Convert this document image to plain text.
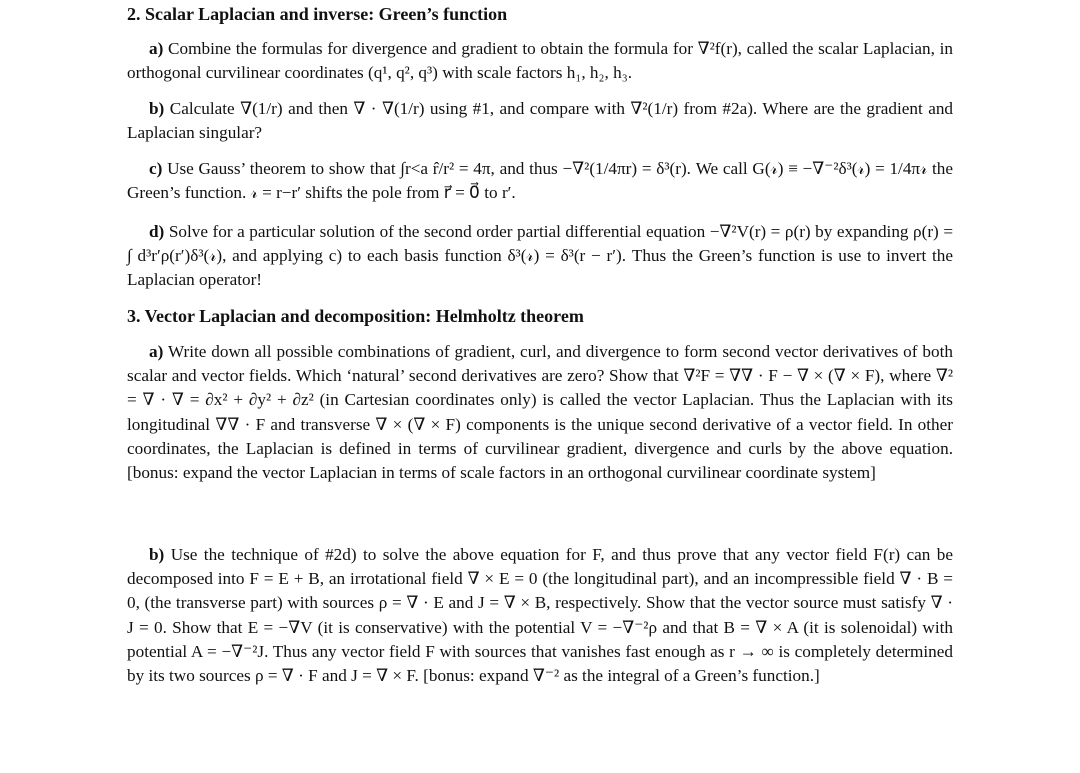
2. Scalar Laplacian and inverse: Green’s function

a) Combine the formulas for divergence and gradient to obtain the formula for ∇²f(r), called the scalar Laplacian, in orthogonal curvilinear coordinates (q¹, q², q³) with scale factors h₁, h₂, h₃.

b) Calculate ∇(1/r) and then ∇ · ∇(1/r) using #1, and compare with ∇²(1/r) from #2a). Where are the gradient and Laplacian singular?

c) Use Gauss’ theorem to show that ∫r<a r̂/r² = 4π, and thus −∇²(1/4πr) = δ³(r). We call G(𝓇) ≡ −∇⁻²δ³(𝓇) = 1/4π𝓇 the Green’s function. 𝓇 = r−r′ shifts the pole from r⃗ = 0⃗ to r′.

d) Solve for a particular solution of the second order partial differential equation −∇²V(r) = ρ(r) by expanding ρ(r) = ∫ d³r′ρ(r′)δ³(𝓇), and applying c) to each basis function δ³(𝓇) = δ³(r − r′). Thus the Green’s function is use to invert the Laplacian operator!

3. Vector Laplacian and decomposition: Helmholtz theorem

a) Write down all possible combinations of gradient, curl, and divergence to form second vector derivatives of both scalar and vector fields. Which ‘natural’ second derivatives are zero? Show that ∇²F = ∇∇ · F − ∇ × (∇ × F), where ∇² = ∇ · ∇ = ∂x² + ∂y² + ∂z² (in Cartesian coordinates only) is called the vector Laplacian. Thus the Laplacian with its longitudinal ∇∇ · F and transverse ∇ × (∇ × F) components is the unique second derivative of a vector field. In other coordinates, the Laplacian is defined in terms of curvilinear gradient, divergence and curls by the above equation. [bonus: expand the vector Laplacian in terms of scale factors in an orthogonal curvilinear coordinate system]

b) Use the technique of #2d) to solve the above equation for F, and thus prove that any vector field F(r) can be decomposed into F = E + B, an irrotational field ∇ × E = 0 (the longitudinal part), and an incompressible field ∇ · B = 0, (the transverse part) with sources ρ = ∇ · E and J = ∇ × B, respectively. Show that the vector source must satisfy ∇ · J = 0. Show that E = −∇V (it is conservative) with the potential V = −∇⁻²ρ and that B = ∇ × A (it is solenoidal) with potential A = −∇⁻²J. Thus any vector field F with sources that vanishes fast enough as r → ∞ is completely determined by its two sources ρ = ∇ · F and J = ∇ × F. [bonus: expand ∇⁻² as the integral of a Green’s function.]
